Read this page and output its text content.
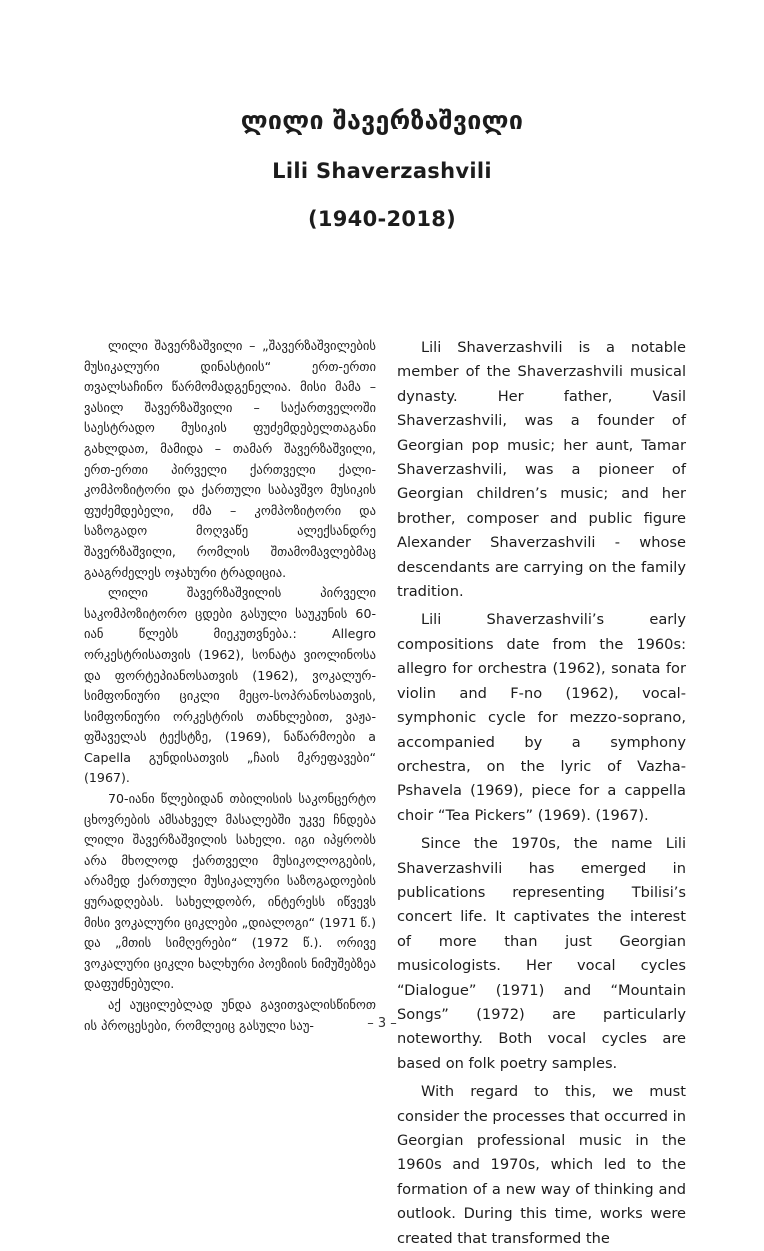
ლილი შავერზაშვილი
Lili Shaverzashvili
(1940-2018)

ლილი შავერზაშვილი – „შავერზაშვილების მუსიკალური დინასტიის“ ერთ-ერთი თვალსაჩინო წარმომადგენელია. მისი მამა – ვასილ შავერზაშვილი – საქართველოში საესტრადო მუსიკის ფუძემდებელთაგანი გახლდათ, მამიდა – თამარ შავერზაშვილი, ერთ-ერთი პირველი ქართველი ქალი-კომპოზიტორი და ქართული საბავშვო მუსიკის ფუძემდებელი, ძმა – კომპოზიტორი და საზოგადო მოღვაწე ალექსანდრე შავერზაშვილი, რომლის შთამომავლებმაც გააგრძელეს ოჯახური ტრადიცია.

ლილი შავერზაშვილის პირველი საკომპოზიტორო ცდები გასული საუკუნის 60-იან წლებს მიეკუთვნება.: Allegro ორკესტრისათვის (1962), სონატა ვიოლინოსა და ფორტეპიანოსათვის (1962), ვოკალურ-სიმფონიური ციკლი მეცო-სოპრანოსათვის, სიმფონიური ორკესტრის თანხლებით, ვაჟა-ფშაველას ტექსტზე, (1969), ნაწარმოები a Capella გუნდისათვის „ჩაის მკრეფავები“ (1967).

70-იანი წლებიდან თბილისის საკონცერტო ცხოვრების ამსახველ მასალებში უკვე ჩნდება ლილი შავერზაშვილის სახელი. იგი იპყრობს არა მხოლოდ ქართველი მუსიკოლოგების, არამედ ქართული მუსიკალური საზოგადოების ყურადღებას. სახელდობრ, ინტერესს იწვევს მისი ვოკალური ციკლები „დიალოგი“ (1971 წ.) და „მთის სიმღერები“ (1972 წ.). ორივე ვოკალური ციკლი ხალხური პოეზიის ნიმუშებზეა დაფუძნებული.

აქ აუცილებლად უნდა გავითვალისწინოთ ის პროცესები, რომლეიც გასული საუ-

Lili Shaverzashvili is a notable member of the Shaverzashvili musical dynasty. Her father, Vasil Shaverzashvili, was a founder of Georgian pop music; her aunt, Tamar Shaverzashvili, was a pioneer of Georgian children’s music; and her brother, composer and public figure Alexander Shaverzashvili - whose descendants are carrying on the family tradition.

Lili Shaverzashvili’s early compositions date from the 1960s: allegro for orchestra (1962), sonata for violin and F-no (1962), vocal-symphonic cycle for mezzo-soprano, accompanied by a symphony orchestra, on the lyric of Vazha-Pshavela (1969), piece for a cappella choir “Tea Pickers” (1969). (1967).

Since the 1970s, the name Lili Shaverzashvili has emerged in publications representing Tbilisi’s concert life. It captivates the interest of more than just Georgian musicologists. Her vocal cycles “Dialogue” (1971) and “Mountain Songs” (1972) are particularly noteworthy. Both vocal cycles are based on folk poetry samples.

With regard to this, we must consider the processes that occurred in Georgian professional music in the 1960s and 1970s, which led to the formation of a new way of thinking and outlook. During this time, works were created that transformed the

– 3 –
